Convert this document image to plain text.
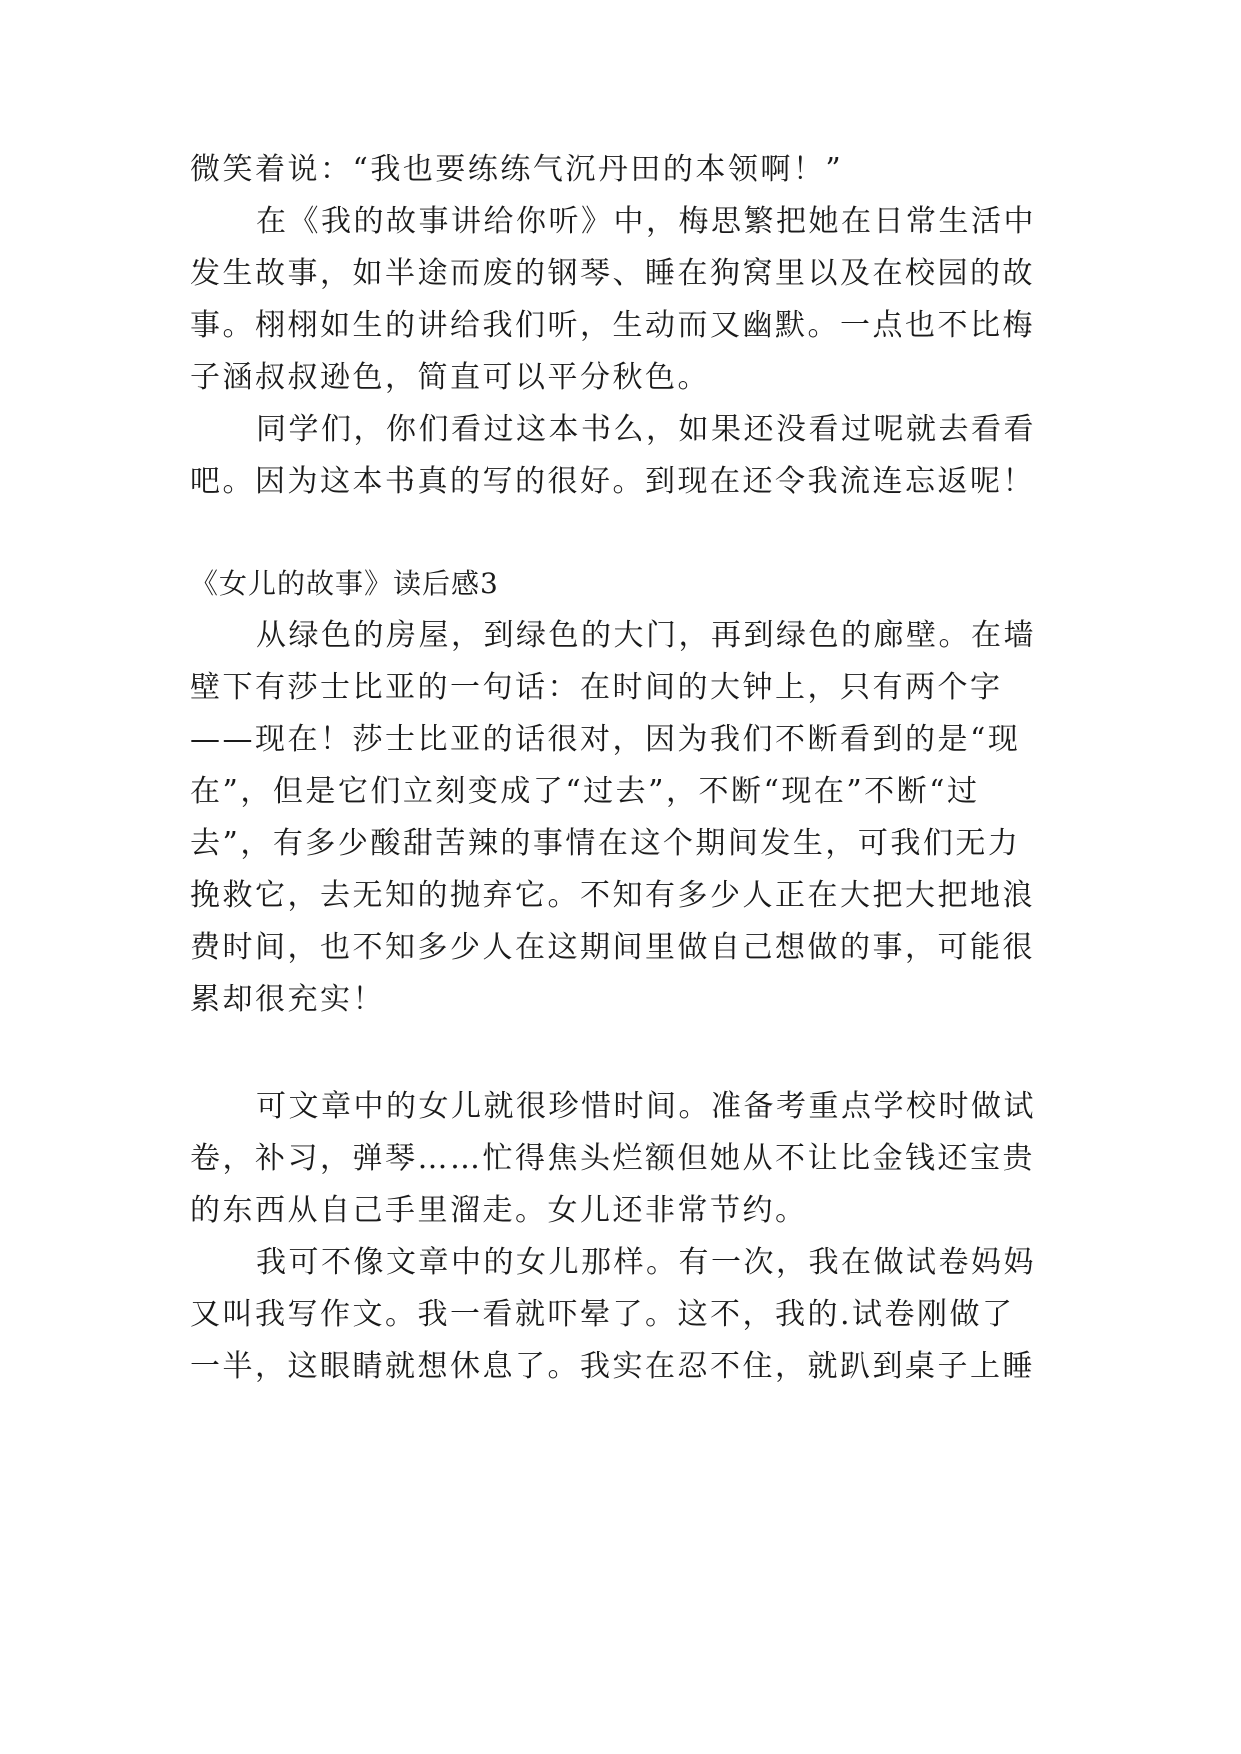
微笑着说：“我也要练练气沉丹田的本领啊！”
在《我的故事讲给你听》中，梅思繁把她在日常生活中
发生故事，如半途而废的钢琴、睡在狗窝里以及在校园的故
事。栩栩如生的讲给我们听，生动而又幽默。一点也不比梅
子涵叔叔逊色，简直可以平分秋色。
同学们，你们看过这本书么，如果还没看过呢就去看看
吧。因为这本书真的写的很好。到现在还令我流连忘返呢！
《女儿的故事》读后感3
从绿色的房屋，到绿色的大门，再到绿色的廊壁。在墙
壁下有莎士比亚的一句话：在时间的大钟上，只有两个字
——现在！莎士比亚的话很对，因为我们不断看到的是“现
在”，但是它们立刻变成了“过去”，不断“现在”不断“过
去”，有多少酸甜苦辣的事情在这个期间发生，可我们无力
挽救它，去无知的抛弃它。不知有多少人正在大把大把地浪
费时间，也不知多少人在这期间里做自己想做的事，可能很
累却很充实！
可文章中的女儿就很珍惜时间。准备考重点学校时做试
卷，补习，弹琴……忙得焦头烂额但她从不让比金钱还宝贵
的东西从自己手里溜走。女儿还非常节约。
我可不像文章中的女儿那样。有一次，我在做试卷妈妈
又叫我写作文。我一看就吓晕了。这不，我的.试卷刚做了
一半，这眼睛就想休息了。我实在忍不住，就趴到桌子上睡
